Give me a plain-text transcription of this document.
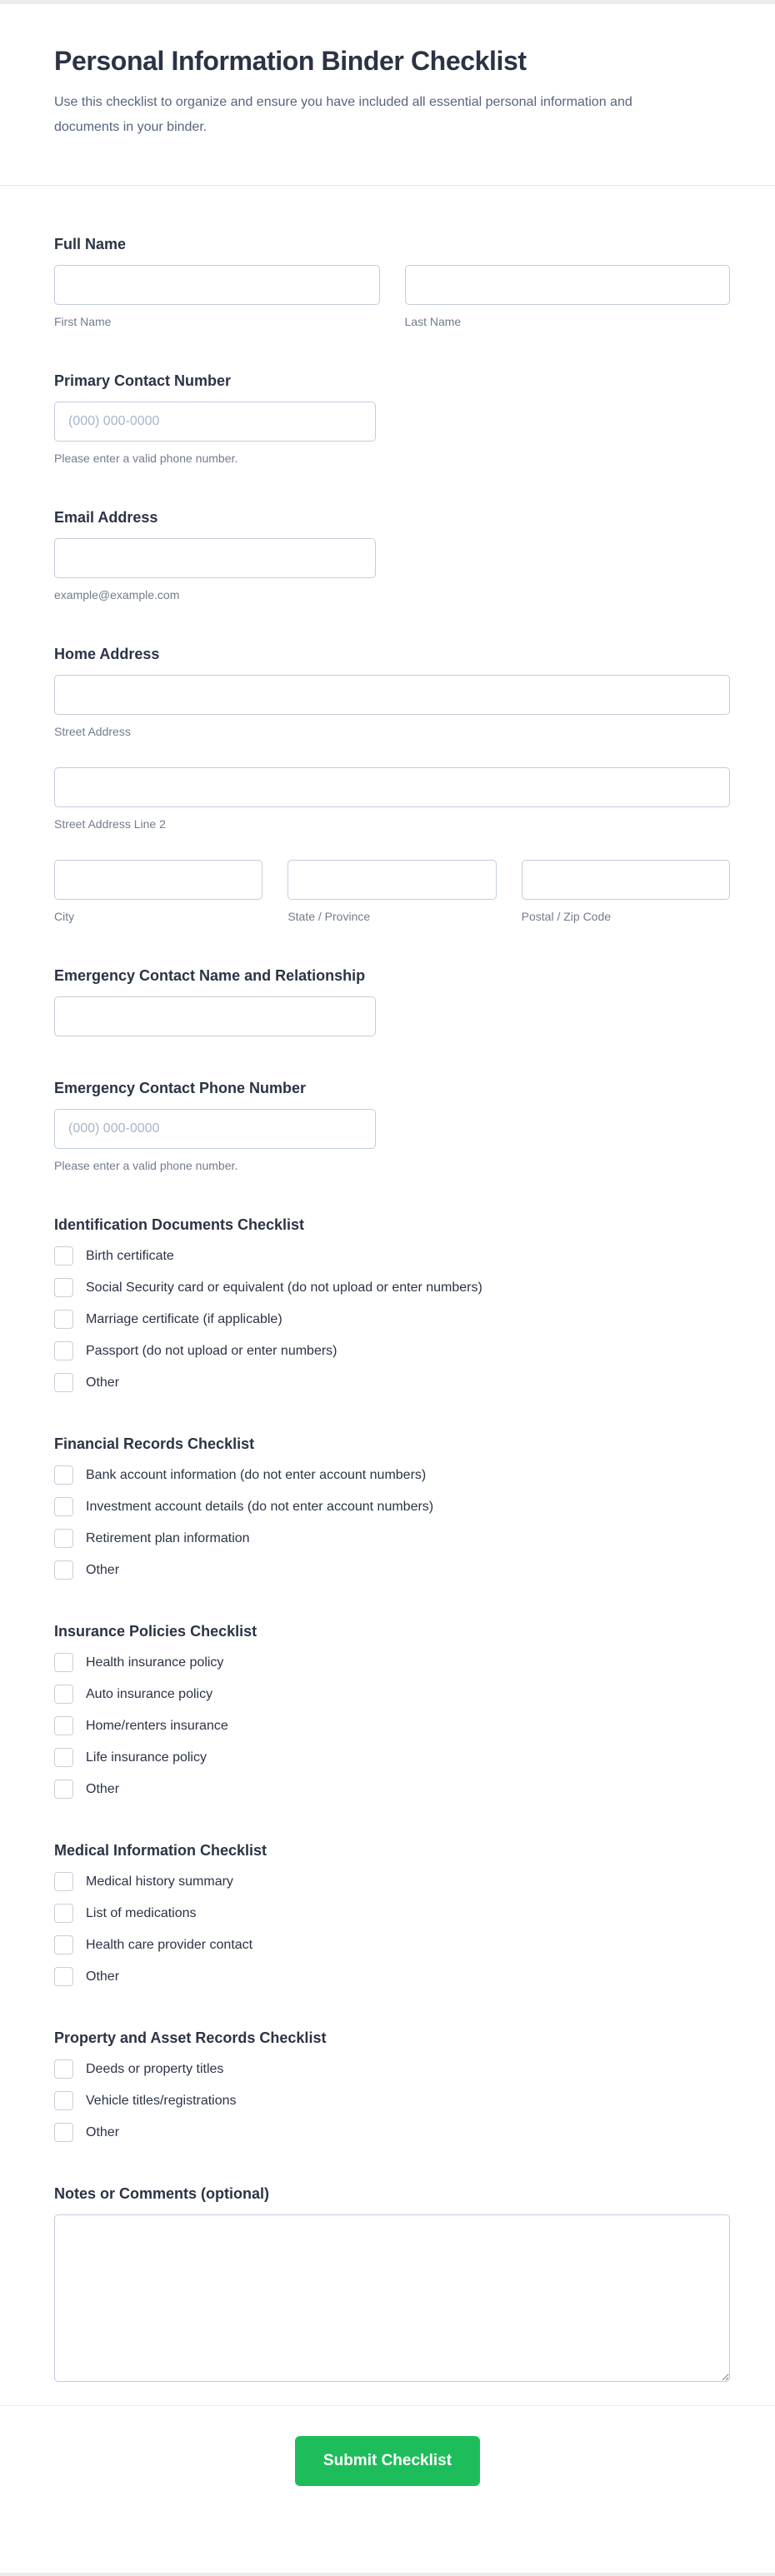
Personal Information Binder Checklist
Use this checklist to organize and ensure you have included all essential personal information and documents in your binder.
Full Name
First Name	Last Name
Primary Contact Number
(000) 000-0000
Please enter a valid phone number.
Email Address
example@example.com
Home Address
Street Address
Street Address Line 2
City	State / Province	Postal / Zip Code
Emergency Contact Name and Relationship
Emergency Contact Phone Number
(000) 000-0000
Please enter a valid phone number.
Identification Documents Checklist
Birth certificate
Social Security card or equivalent (do not upload or enter numbers)
Marriage certificate (if applicable)
Passport (do not upload or enter numbers)
Other
Financial Records Checklist
Bank account information (do not enter account numbers)
Investment account details (do not enter account numbers)
Retirement plan information
Other
Insurance Policies Checklist
Health insurance policy
Auto insurance policy
Home/renters insurance
Life insurance policy
Other
Medical Information Checklist
Medical history summary
List of medications
Health care provider contact
Other
Property and Asset Records Checklist
Deeds or property titles
Vehicle titles/registrations
Other
Notes or Comments (optional)
Submit Checklist
